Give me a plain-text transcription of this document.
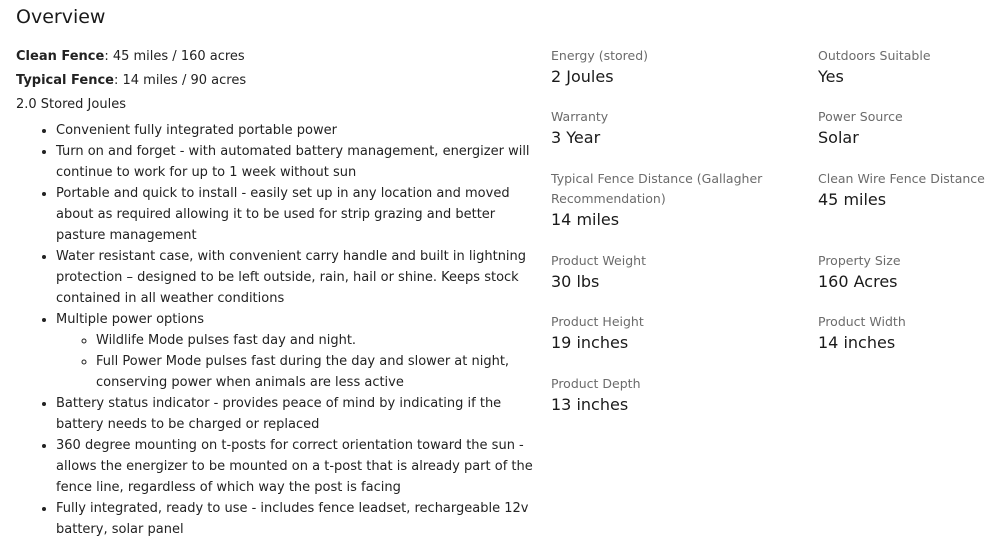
Overview
Clean Fence: 45 miles / 160 acres
Typical Fence: 14 miles / 90 acres
2.0 Stored Joules
• Convenient fully integrated portable power
• Turn on and forget - with automated battery management, energizer will continue to work for up to 1 week without sun
• Portable and quick to install - easily set up in any location and moved about as required allowing it to be used for strip grazing and better pasture management
• Water resistant case, with convenient carry handle and built in lightning protection – designed to be left outside, rain, hail or shine. Keeps stock contained in all weather conditions
• Multiple power options
◦ Wildlife Mode pulses fast day and night.
◦ Full Power Mode pulses fast during the day and slower at night, conserving power when animals are less active
• Battery status indicator - provides peace of mind by indicating if the battery needs to be charged or replaced
• 360 degree mounting on t-posts for correct orientation toward the sun - allows the energizer to be mounted on a t-post that is already part of the fence line, regardless of which way the post is facing
• Fully integrated, ready to use - includes fence leadset, rechargeable 12v battery, solar panel
Energy (stored)
2 Joules
Outdoors Suitable
Yes
Warranty
3 Year
Power Source
Solar
Typical Fence Distance (Gallagher Recommendation)
14 miles
Clean Wire Fence Distance
45 miles
Product Weight
30 lbs
Property Size
160 Acres
Product Height
19 inches
Product Width
14 inches
Product Depth
13 inches
